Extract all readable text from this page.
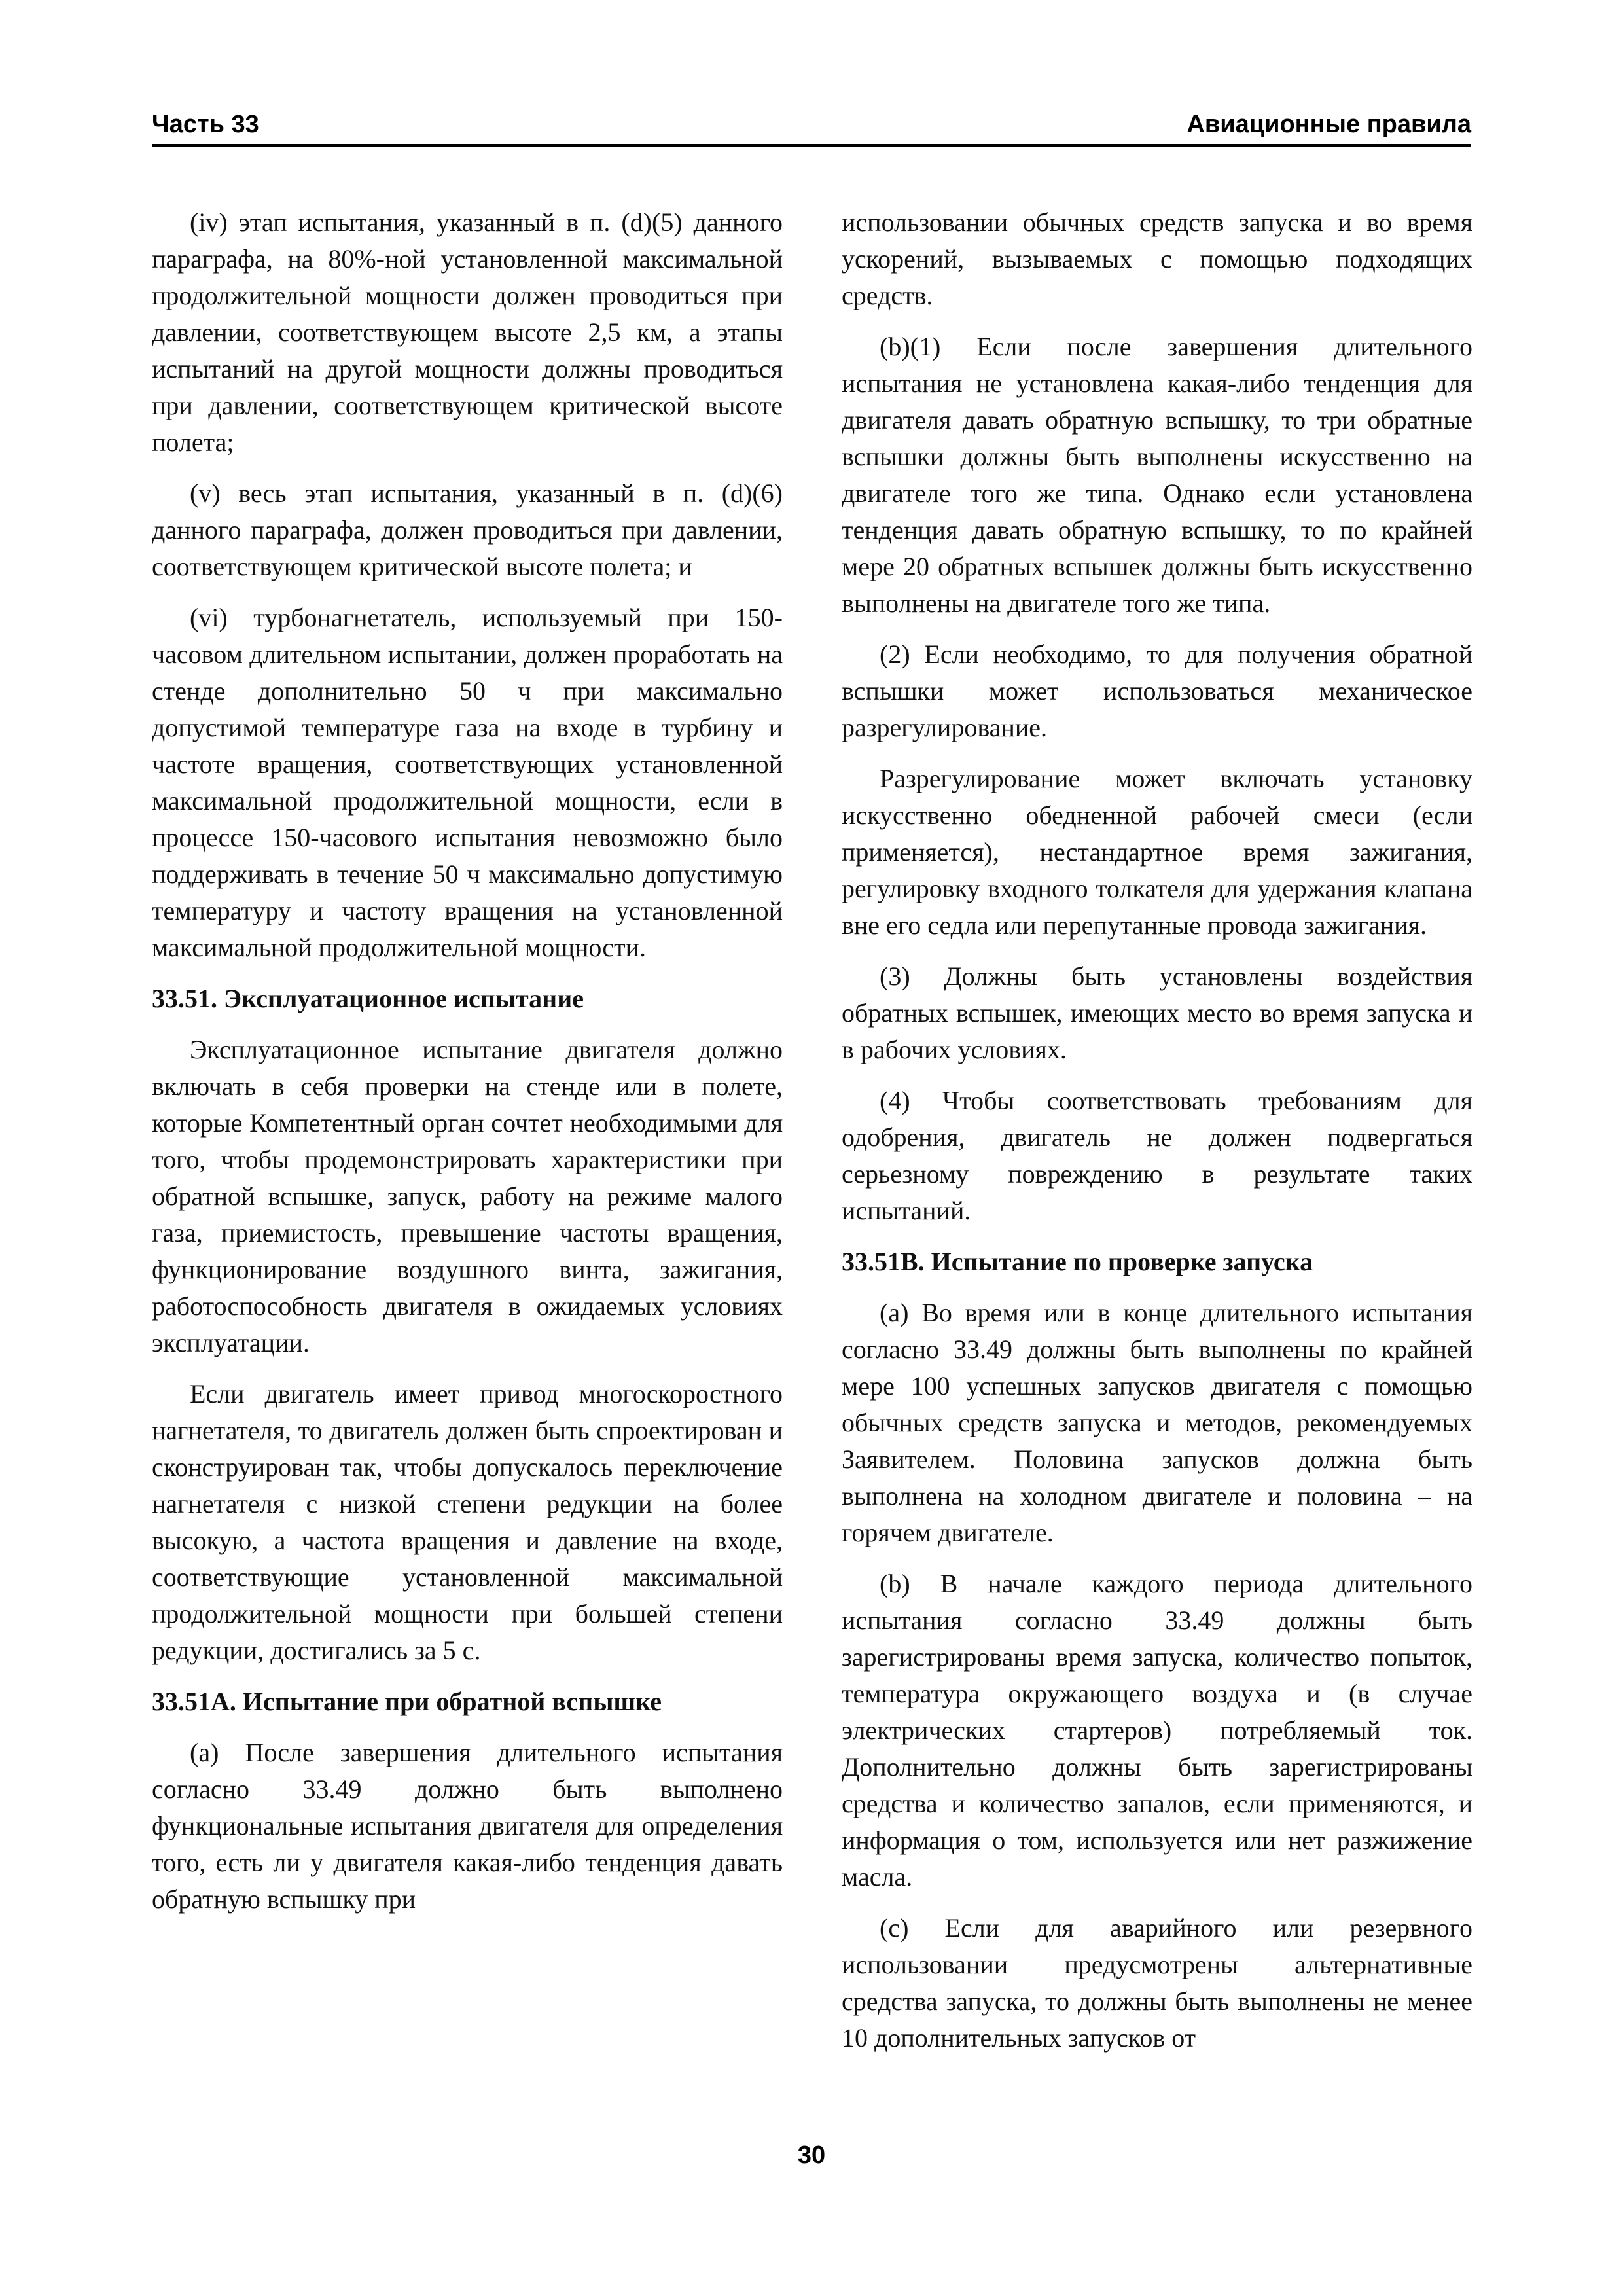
Часть 33	Авиационные правила

(iv) этап испытания, указанный в п. (d)(5) данного параграфа, на 80%-ной установленной максимальной продолжительной мощности должен проводиться при давлении, соответствующем высоте 2,5 км, а этапы испытаний на другой мощности должны проводиться при давлении, соответствующем критической высоте полета;

(v) весь этап испытания, указанный в п. (d)(6) данного параграфа, должен проводиться при давлении, соответствующем критической высоте полета; и

(vi) турбонагнетатель, используемый при 150-часовом длительном испытании, должен проработать на стенде дополнительно 50 ч при максимально допустимой температуре газа на входе в турбину и частоте вращения, соответствующих установленной максимальной продолжительной мощности, если в процессе 150-часового испытания невозможно было поддерживать в течение 50 ч максимально допустимую температуру и частоту вращения на установленной максимальной продолжительной мощности.

33.51. Эксплуатационное испытание

Эксплуатационное испытание двигателя должно включать в себя проверки на стенде или в полете, которые Компетентный орган сочтет необходимыми для того, чтобы продемонстрировать характеристики при обратной вспышке, запуск, работу на режиме малого газа, приемистость, превышение частоты вращения, функционирование воздушного винта, зажигания, работоспособность двигателя в ожидаемых условиях эксплуатации.

Если двигатель имеет привод многоскоростного нагнетателя, то двигатель должен быть спроектирован и сконструирован так, чтобы допускалось переключение нагнетателя с низкой степени редукции на более высокую, а частота вращения и давление на входе, соответствующие установленной максимальной продолжительной мощности при большей степени редукции, достигались за 5 с.

33.51А. Испытание при обратной вспышке

(a) После завершения длительного испытания согласно 33.49 должно быть выполнено функциональные испытания двигателя для определения того, есть ли у двигателя какая-либо тенденция давать обратную вспышку при

использовании обычных средств запуска и во время ускорений, вызываемых с помощью подходящих средств.

(b)(1) Если после завершения длительного испытания не установлена какая-либо тенденция для двигателя давать обратную вспышку, то три обратные вспышки должны быть выполнены искусственно на двигателе того же типа. Однако если установлена тенденция давать обратную вспышку, то по крайней мере 20 обратных вспышек должны быть искусственно выполнены на двигателе того же типа.

(2) Если необходимо, то для получения обратной вспышки может использоваться механическое разрегулирование.

Разрегулирование может включать установку искусственно обедненной рабочей смеси (если применяется), нестандартное время зажигания, регулировку входного толкателя для удержания клапана вне его седла или перепутанные провода зажигания.

(3) Должны быть установлены воздействия обратных вспышек, имеющих место во время запуска и в рабочих условиях.

(4) Чтобы соответствовать требованиям для одобрения, двигатель не должен подвергаться серьезному повреждению в результате таких испытаний.

33.51В. Испытание по проверке запуска

(a) Во время или в конце длительного испытания согласно 33.49 должны быть выполнены по крайней мере 100 успешных запусков двигателя с помощью обычных средств запуска и методов, рекомендуемых Заявителем. Половина запусков должна быть выполнена на холодном двигателе и половина – на горячем двигателе.

(b) В начале каждого периода длительного испытания согласно 33.49 должны быть зарегистрированы время запуска, количество попыток, температура окружающего воздуха и (в случае электрических стартеров) потребляемый ток. Дополнительно должны быть зарегистрированы средства и количество запалов, если применяются, и информация о том, используется или нет разжижение масла.

(c) Если для аварийного или резервного использовании предусмотрены альтернативные средства запуска, то должны быть выполнены не менее 10 дополнительных запусков от

30
